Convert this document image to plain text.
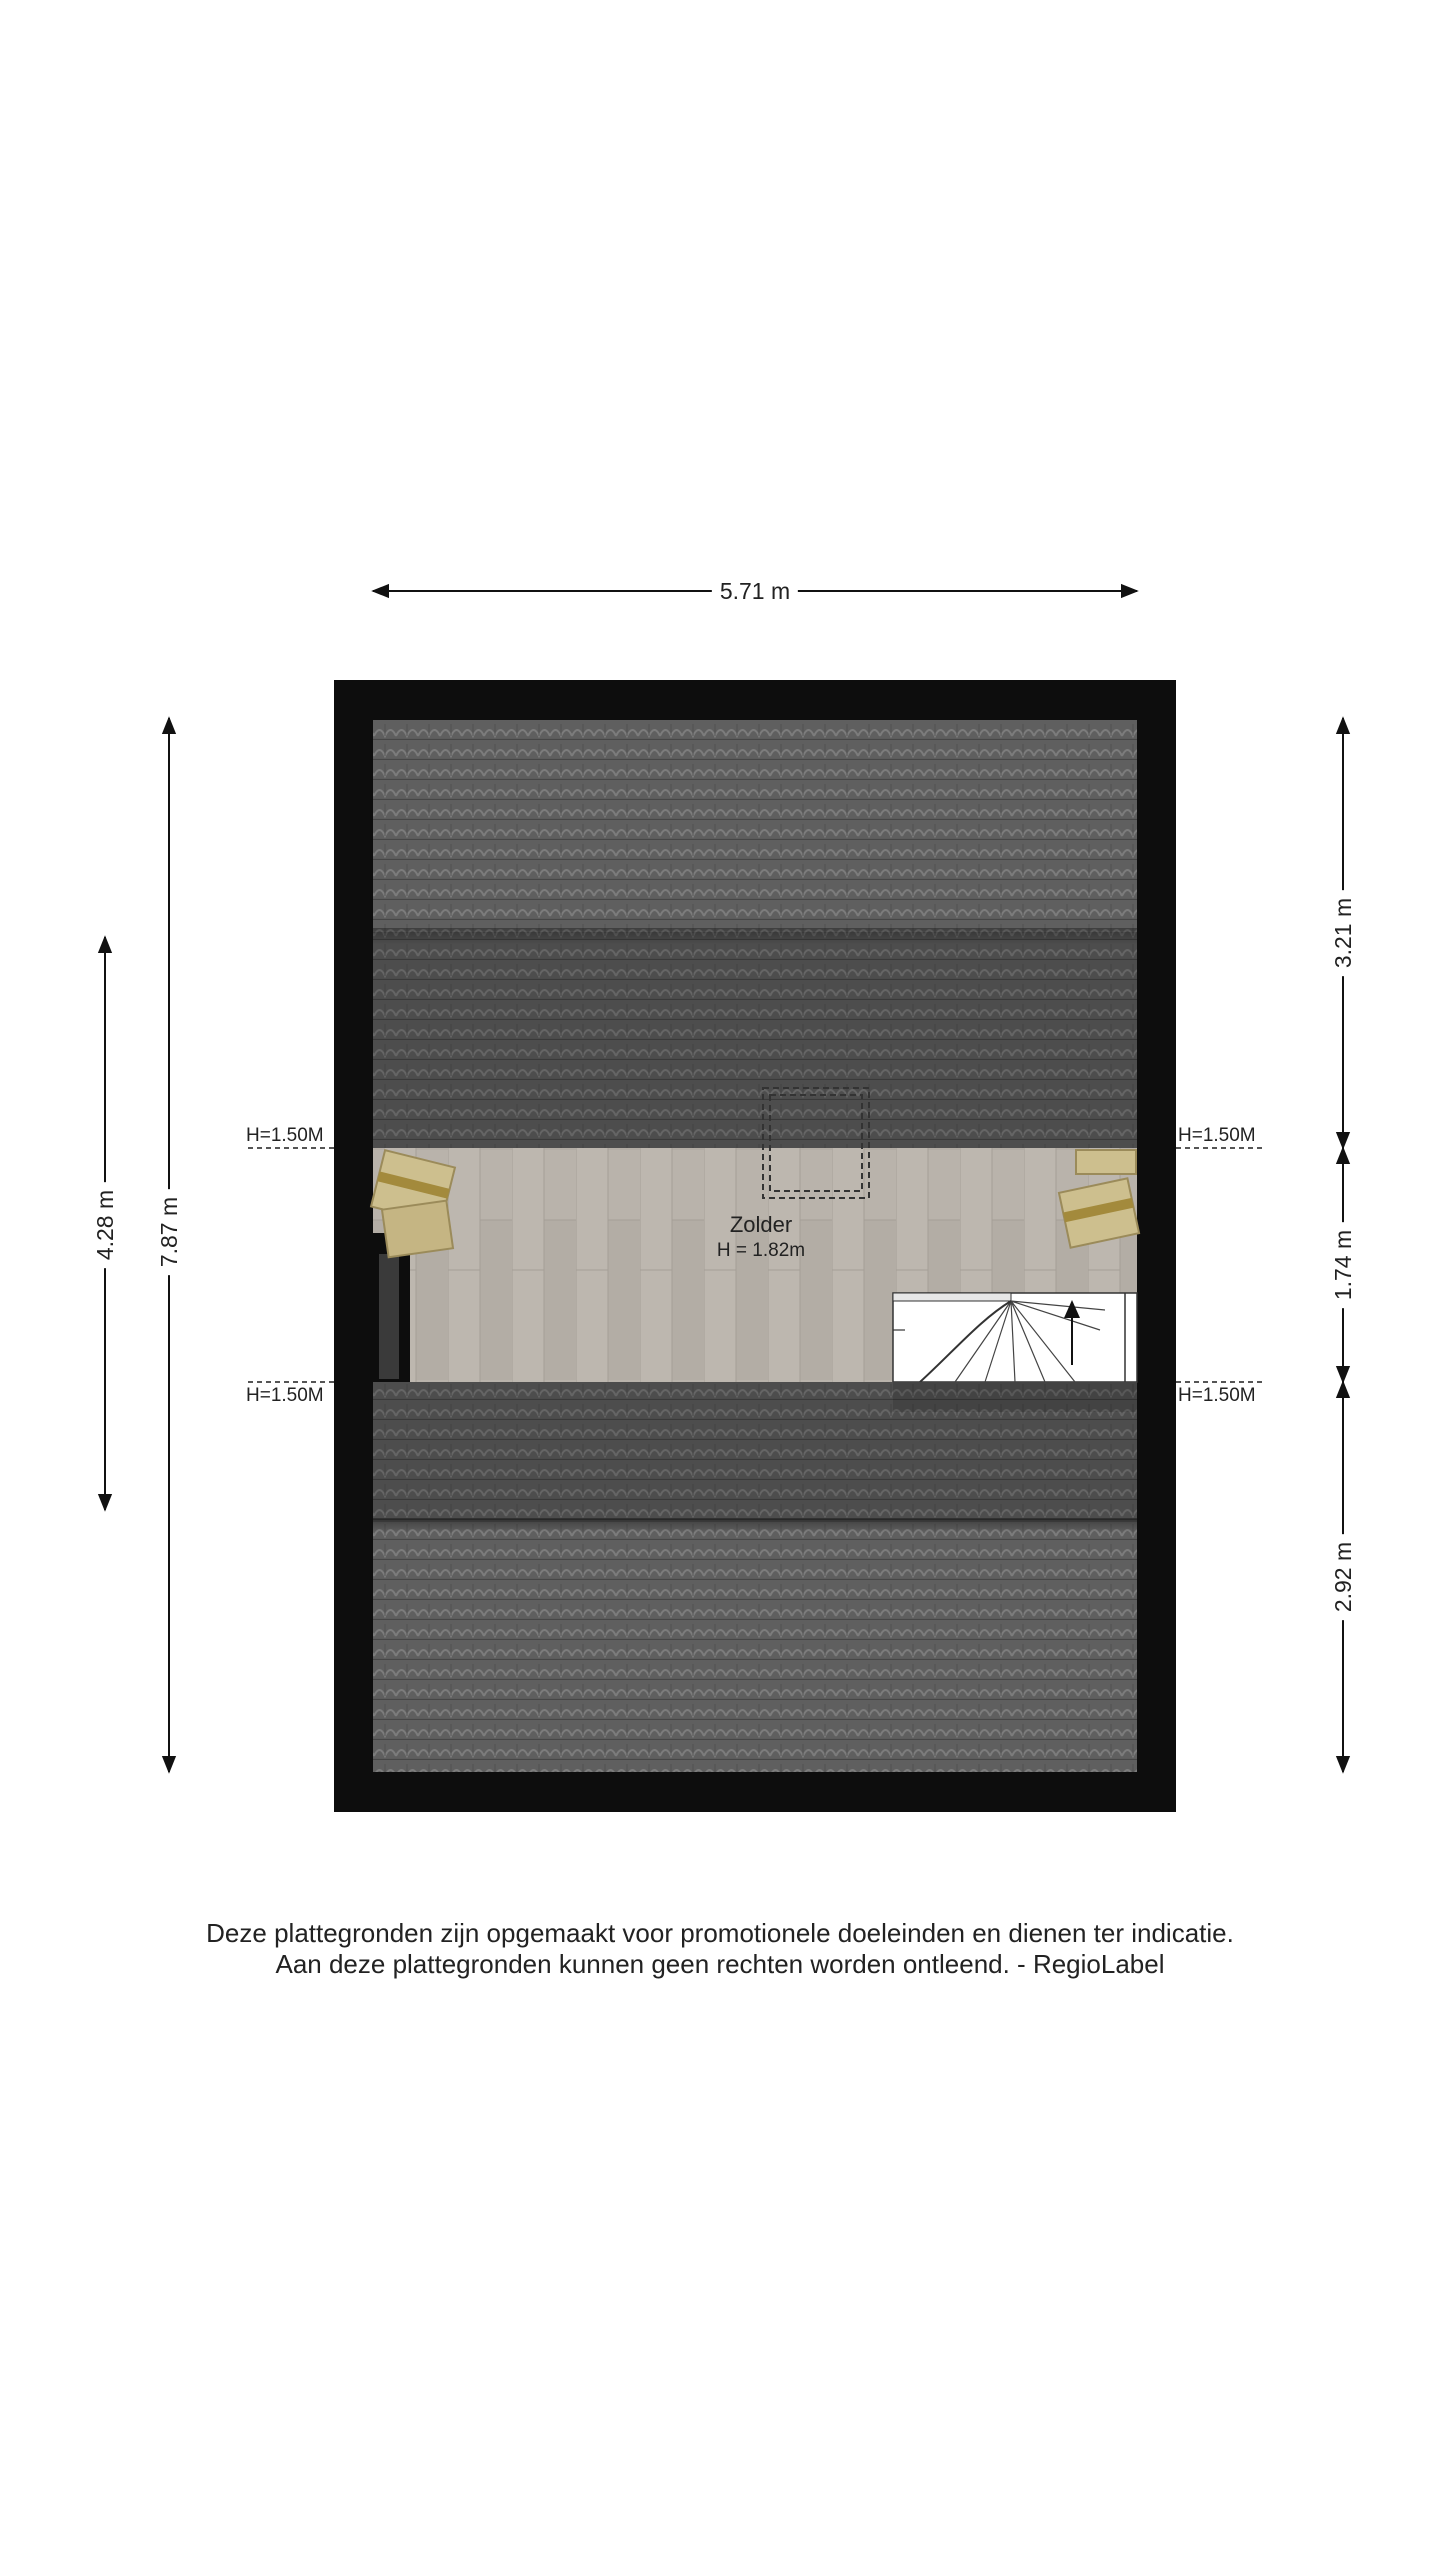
5.71 m
4.28 m 7.87 m
3.21 m
1.74 m
2.92 m
H=1.50M	H=1.50M
H=1.50M	H=1.50M
Zolder
H = 1.82m
Deze plattegronden zijn opgemaakt voor promotionele doeleinden en dienen ter indicatie.
Aan deze plattegronden kunnen geen rechten worden ontleend. - RegioLabel
